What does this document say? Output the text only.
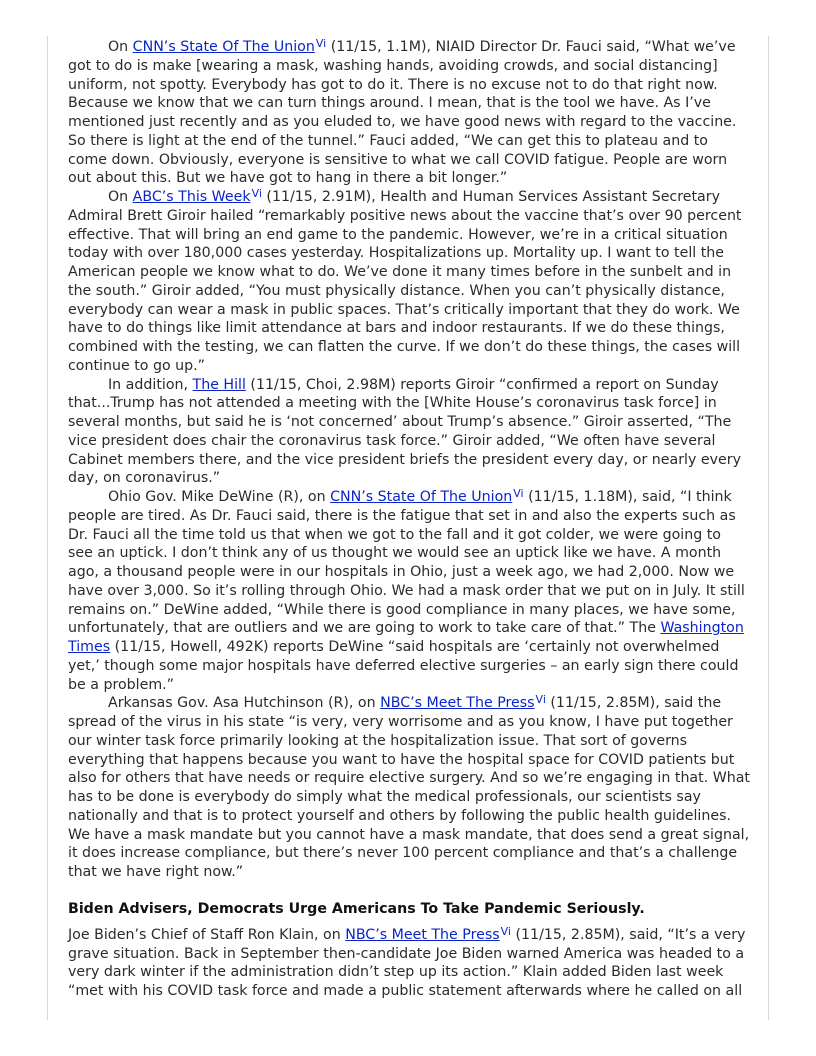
On CNN’s State Of The Union$^{Vi}$ (11/15, 1.1M), NIAID Director Dr. Fauci said, “What we’ve got to do is make [wearing a mask, washing hands, avoiding crowds, and social distancing] uniform, not spotty. Everybody has got to do it. There is no excuse not to do that right now. Because we know that we can turn things around. I mean, that is the tool we have. As I’ve mentioned just recently and as you eluded to, we have good news with regard to the vaccine. So there is light at the end of the tunnel.” Fauci added, “We can get this to plateau and to come down. Obviously, everyone is sensitive to what we call COVID fatigue. People are worn out about this. But we have got to hang in there a bit longer.”

On ABC’s This Week$^{Vi}$ (11/15, 2.91M), Health and Human Services Assistant Secretary Admiral Brett Giroir hailed “remarkably positive news about the vaccine that’s over 90 percent effective. That will bring an end game to the pandemic. However, we’re in a critical situation today with over 180,000 cases yesterday. Hospitalizations up. Mortality up. I want to tell the American people we know what to do. We’ve done it many times before in the sunbelt and in the south.” Giroir added, “You must physically distance. When you can’t physically distance, everybody can wear a mask in public spaces. That’s critically important that they do work. We have to do things like limit attendance at bars and indoor restaurants. If we do these things, combined with the testing, we can flatten the curve. If we don’t do these things, the cases will continue to go up.”

In addition, The Hill (11/15, Choi, 2.98M) reports Giroir “confirmed a report on Sunday that...Trump has not attended a meeting with the [White House’s coronavirus task force] in several months, but said he is ‘not concerned’ about Trump’s absence.” Giroir asserted, “The vice president does chair the coronavirus task force.” Giroir added, “We often have several Cabinet members there, and the vice president briefs the president every day, or nearly every day, on coronavirus.”

Ohio Gov. Mike DeWine (R), on CNN’s State Of The Union$^{Vi}$ (11/15, 1.18M), said, “I think people are tired. As Dr. Fauci said, there is the fatigue that set in and also the experts such as Dr. Fauci all the time told us that when we got to the fall and it got colder, we were going to see an uptick. I don’t think any of us thought we would see an uptick like we have. A month ago, a thousand people were in our hospitals in Ohio, just a week ago, we had 2,000. Now we have over 3,000. So it’s rolling through Ohio. We had a mask order that we put on in July. It still remains on.” DeWine added, “While there is good compliance in many places, we have some, unfortunately, that are outliers and we are going to work to take care of that.” The Washington Times (11/15, Howell, 492K) reports DeWine “said hospitals are ‘certainly not overwhelmed yet,’ though some major hospitals have deferred elective surgeries – an early sign there could be a problem.”

Arkansas Gov. Asa Hutchinson (R), on NBC’s Meet The Press$^{Vi}$ (11/15, 2.85M), said the spread of the virus in his state “is very, very worrisome and as you know, I have put together our winter task force primarily looking at the hospitalization issue. That sort of governs everything that happens because you want to have the hospital space for COVID patients but also for others that have needs or require elective surgery. And so we’re engaging in that. What has to be done is everybody do simply what the medical professionals, our scientists say nationally and that is to protect yourself and others by following the public health guidelines. We have a mask mandate but you cannot have a mask mandate, that does send a great signal, it does increase compliance, but there’s never 100 percent compliance and that’s a challenge that we have right now.”

Biden Advisers, Democrats Urge Americans To Take Pandemic Seriously.

Joe Biden’s Chief of Staff Ron Klain, on NBC’s Meet The Press$^{Vi}$ (11/15, 2.85M), said, “It’s a very grave situation. Back in September then-candidate Joe Biden warned America was headed to a very dark winter if the administration didn’t step up its action.” Klain added Biden last week “met with his COVID task force and made a public statement afterwards where he called on all
